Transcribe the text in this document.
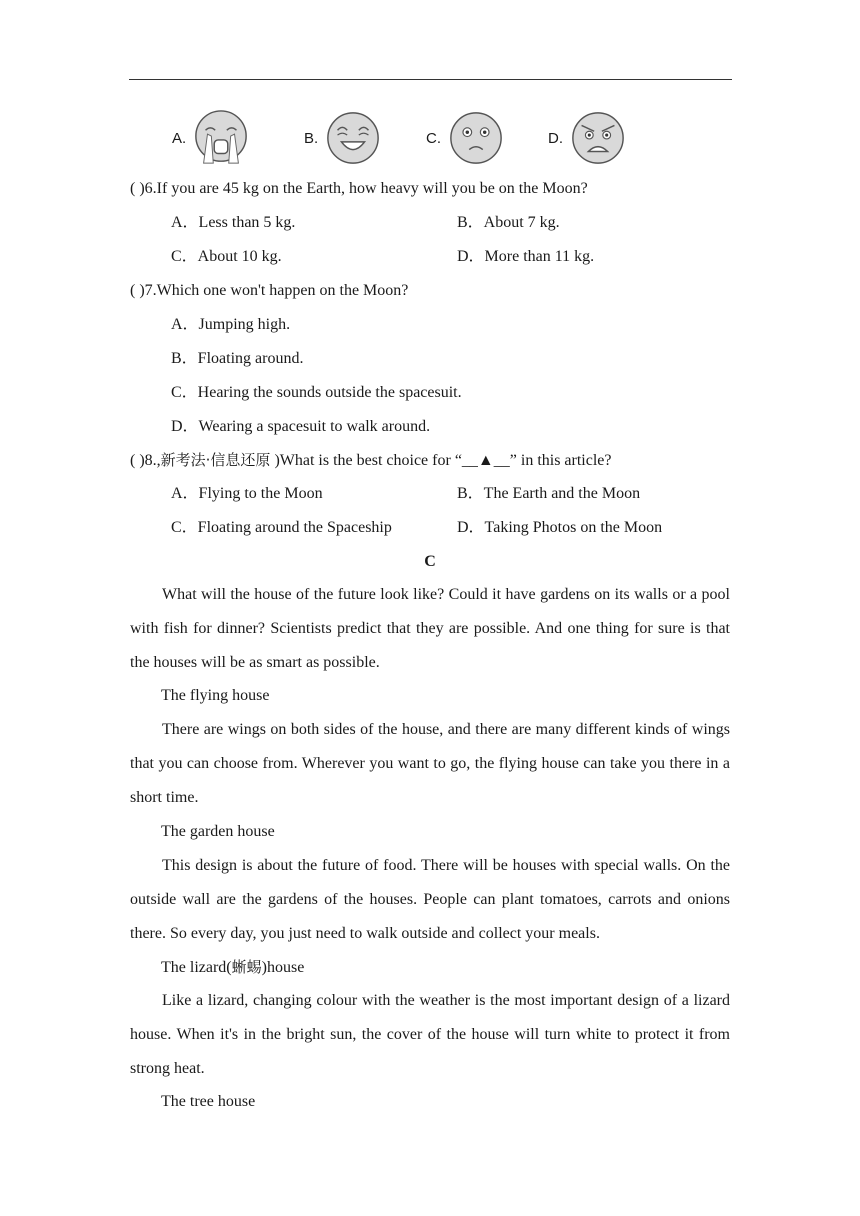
A.	B.	C.	D.
( )6.If you are 45 kg on the Earth, how heavy will you be on the Moon?
A．Less than 5 kg.	B．About 7 kg.
C．About 10 kg.	D．More than 11 kg.
( )7.Which one won't happen on the Moon?
A．Jumping high.
B．Floating around.
C．Hearing the sounds outside the spacesuit.
D．Wearing a spacesuit to walk around.
( )8.,新考法·信息还原 )What is the best choice for “__▲__” in this article?
A．Flying to the Moon	B．The Earth and the Moon
C．Floating around the Spaceship	D．Taking Photos on the Moon
C
What will the house of the future look like? Could it have gardens on its walls or a pool with fish for dinner? Scientists predict that they are possible. And one thing for sure is that the houses will be as smart as possible.
The flying house
There are wings on both sides of the house, and there are many different kinds of wings that you can choose from. Wherever you want to go, the flying house can take you there in a short time.
The garden house
This design is about the future of food. There will be houses with special walls. On the outside wall are the gardens of the houses. People can plant tomatoes, carrots and onions there. So every day, you just need to walk outside and collect your meals.
The lizard(蜥蜴)house
Like a lizard, changing colour with the weather is the most important design of a lizard house. When it's in the bright sun, the cover of the house will turn white to protect it from strong heat.
The tree house
